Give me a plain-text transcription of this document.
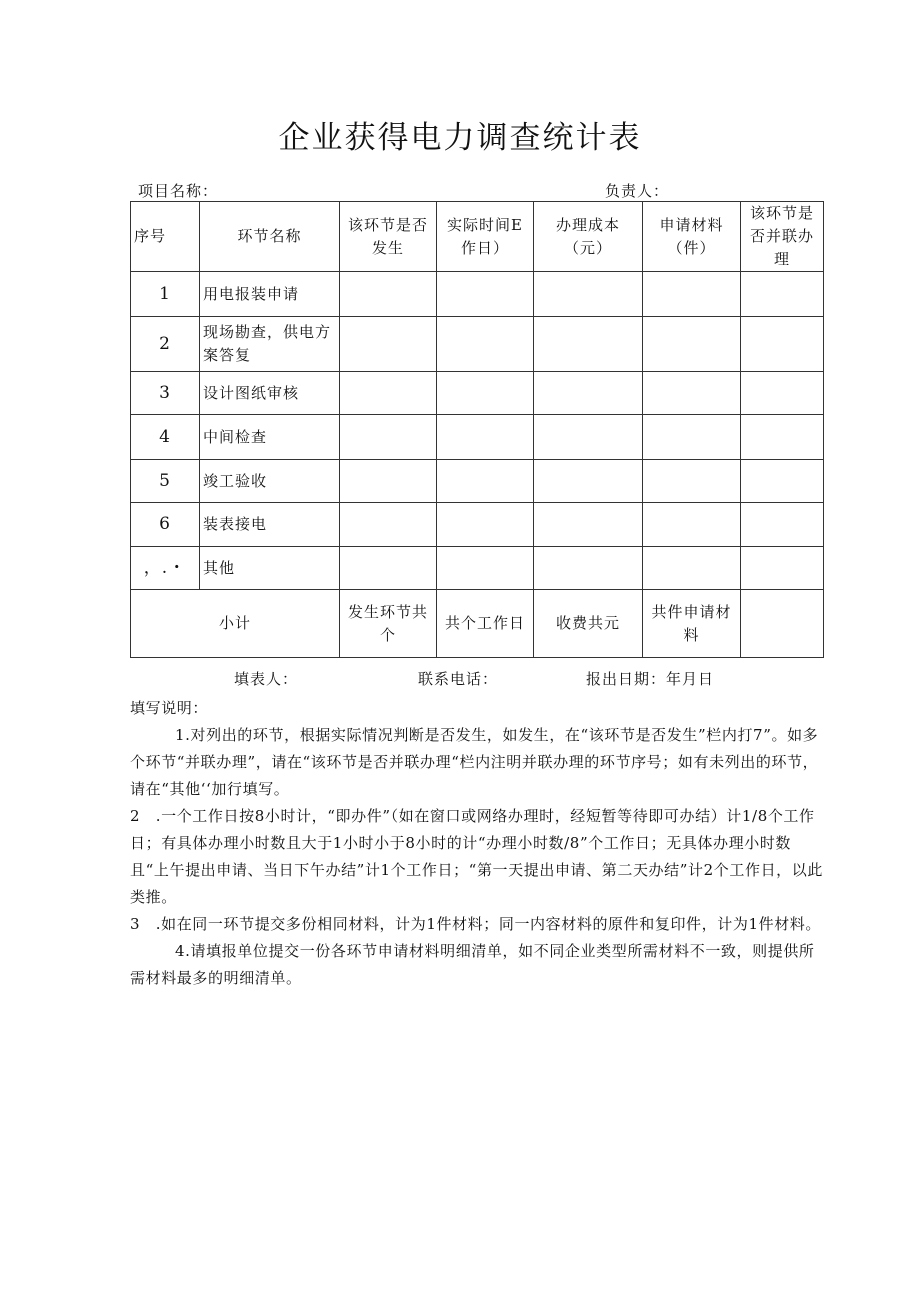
企业获得电力调查统计表
项目名称：	负责人：
序号	环节名称	该环节是否发生	实际时间E作日）	办理成本（元）	申请材料（件）	该环节是否并联办理
1	用电报装申请					
2	现场勘查，供电方案答复					
3	设计图纸审核					
4	中间检查					
5	竣工验收					
6	装表接电					
，.・	其他					
小计		发生环节共个	共个工作日	收费共元	共件申请材料	
填表人：	联系电话：	报出日期：年月日

填写说明：

1.对列出的环节，根据实际情况判断是否发生，如发生，在“该环节是否发生”栏内打7”。如多个环节“并联办理”，请在“该环节是否并联办理“栏内注明并联办理的环节序号；如有未列出的环节，请在“其他‘‘加行填写。

2　.一个工作日按8小时计，“即办件”（如在窗口或网络办理时，经短暂等待即可办结）计1/8个工作日；有具体办理小时数且大于1小时小于8小时的计“办理小时数/8”个工作日；无具体办理小时数且“上午提出申请、当日下午办结”计1个工作日；“第一天提出申请、第二天办结”计2个工作日，以此类推。

3　.如在同一环节提交多份相同材料，计为1件材料；同一内容材料的原件和复印件，计为1件材料。

4.请填报单位提交一份各环节申请材料明细清单，如不同企业类型所需材料不一致，则提供所需材料最多的明细清单。
